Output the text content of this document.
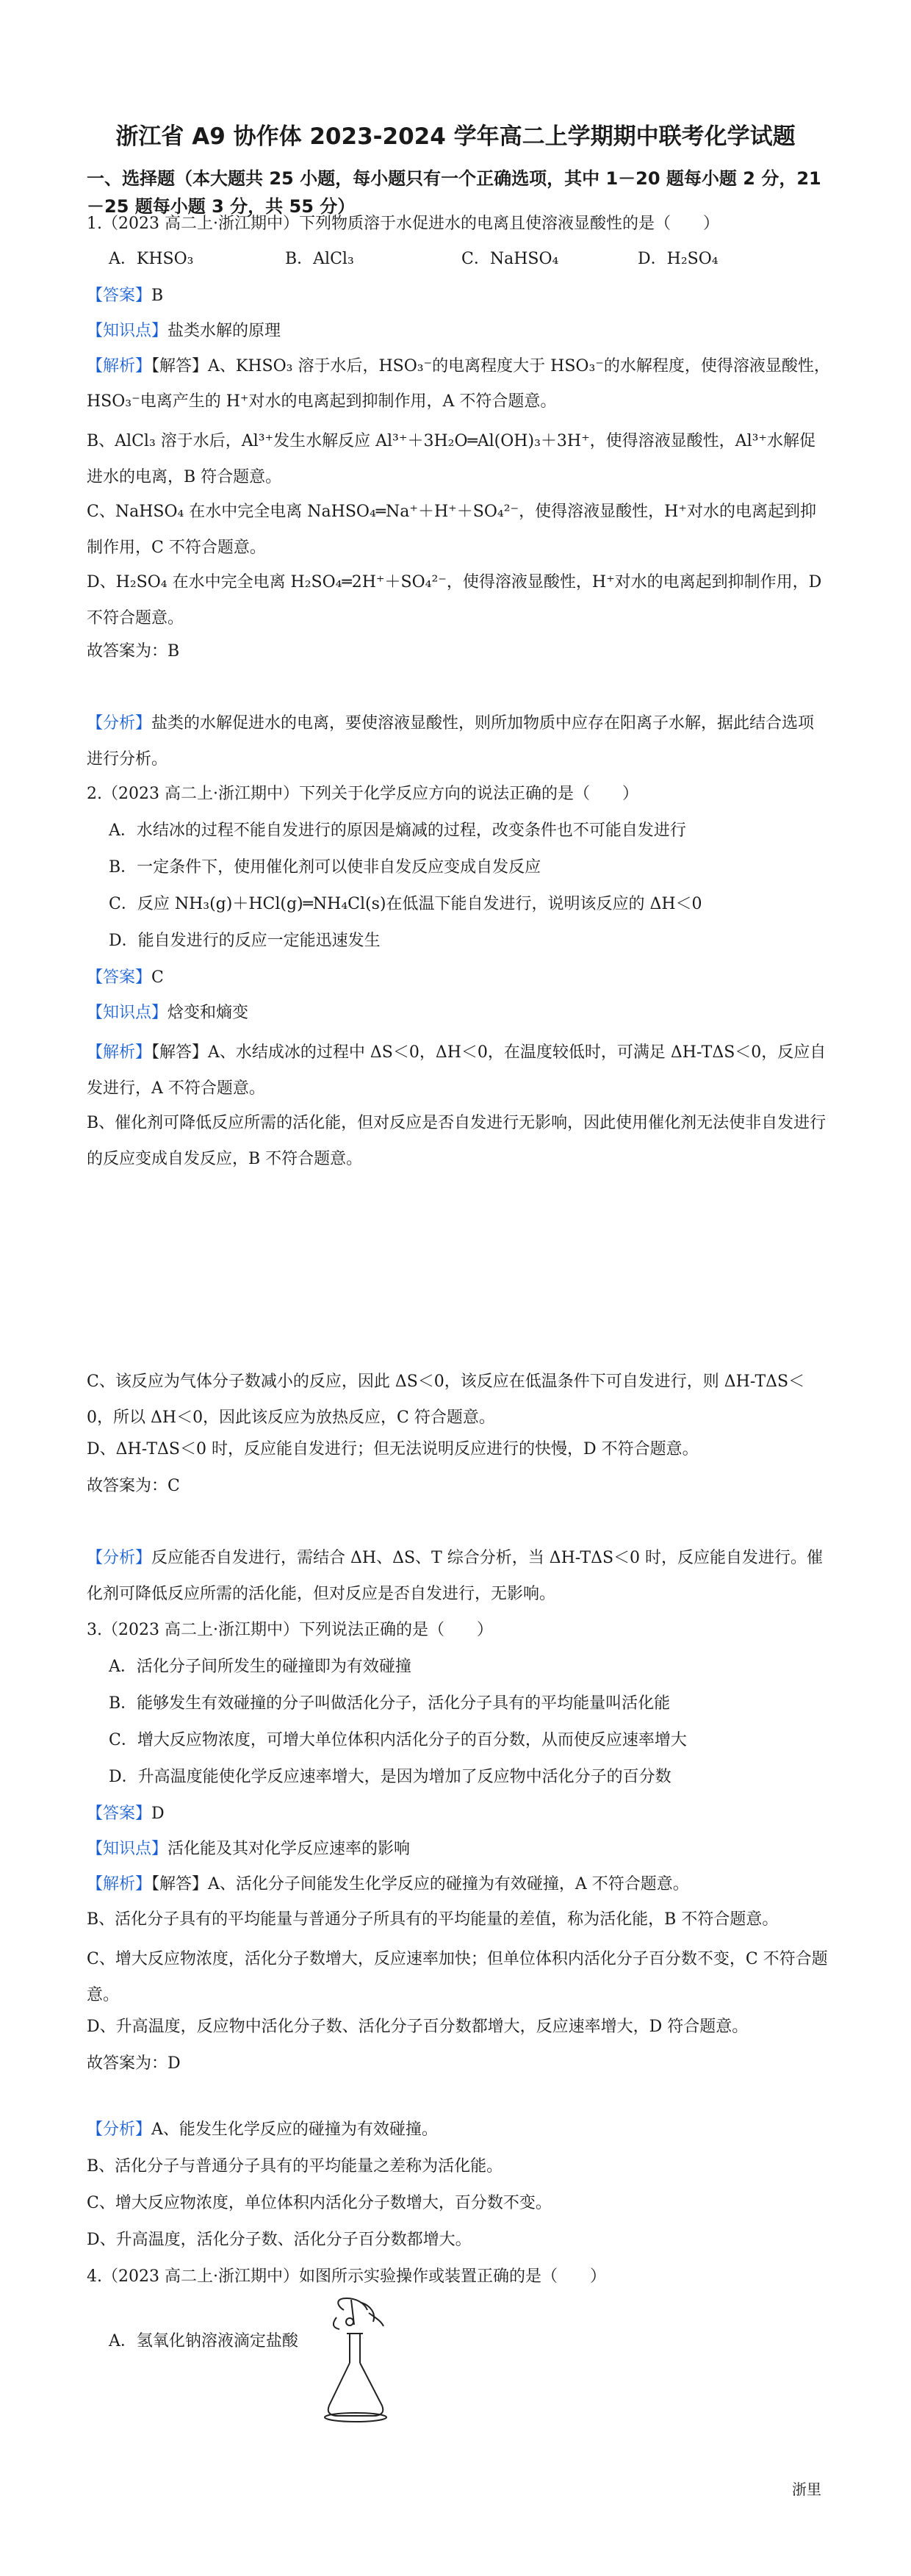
浙江省 A9 协作体 2023-2024 学年高二上学期期中联考化学试题
一、选择题（本大题共 25 小题，每小题只有一个正确选项，其中 1－20 题每小题 2 分，21－25 题每小题 3 分，共 55 分）
1.（2023 高二上·浙江期中）下列物质溶于水促进水的电离且使溶液显酸性的是（　　）
A．KHSO₃	B．AlCl₃	C．NaHSO₄	D．H₂SO₄
【答案】B
【知识点】盐类水解的原理
【解析】【解答】A、KHSO₃ 溶于水后，HSO₃⁻的电离程度大于 HSO₃⁻的水解程度，使得溶液显酸性，
HSO₃⁻电离产生的 H⁺对水的电离起到抑制作用，A 不符合题意。
B、AlCl₃ 溶于水后，Al³⁺发生水解反应 Al³⁺＋3H₂O═Al(OH)₃＋3H⁺，使得溶液显酸性，Al³⁺水解促进水的电离，B 符合题意。
C、NaHSO₄ 在水中完全电离 NaHSO₄═Na⁺＋H⁺＋SO₄²⁻，使得溶液显酸性，H⁺对水的电离起到抑制作用，C 不符合题意。
D、H₂SO₄ 在水中完全电离 H₂SO₄═2H⁺＋SO₄²⁻，使得溶液显酸性，H⁺对水的电离起到抑制作用，D 不符合题意。
故答案为：B
【分析】盐类的水解促进水的电离，要使溶液显酸性，则所加物质中应存在阳离子水解，据此结合选项进行分析。
2.（2023 高二上·浙江期中）下列关于化学反应方向的说法正确的是（　　）
A．水结冰的过程不能自发进行的原因是熵减的过程，改变条件也不可能自发进行
B．一定条件下，使用催化剂可以使非自发反应变成自发反应
C．反应 NH₃(g)＋HCl(g)═NH₄Cl(s)在低温下能自发进行，说明该反应的 ΔH＜0
D．能自发进行的反应一定能迅速发生
【答案】C
【知识点】焓变和熵变
【解析】【解答】A、水结成冰的过程中 ΔS＜0，ΔH＜0，在温度较低时，可满足 ΔH-TΔS＜0，反应自发进行，A 不符合题意。
B、催化剂可降低反应所需的活化能，但对反应是否自发进行无影响，因此使用催化剂无法使非自发进行的反应变成自发反应，B 不符合题意。
C、该反应为气体分子数减小的反应，因此 ΔS＜0，该反应在低温条件下可自发进行，则 ΔH-TΔS＜0，所以 ΔH＜0，因此该反应为放热反应，C 符合题意。
D、ΔH-TΔS＜0 时，反应能自发进行；但无法说明反应进行的快慢，D 不符合题意。
故答案为：C
【分析】反应能否自发进行，需结合 ΔH、ΔS、T 综合分析，当 ΔH-TΔS＜0 时，反应能自发进行。催化剂可降低反应所需的活化能，但对反应是否自发进行，无影响。
3.（2023 高二上·浙江期中）下列说法正确的是（　　）
A．活化分子间所发生的碰撞即为有效碰撞
B．能够发生有效碰撞的分子叫做活化分子，活化分子具有的平均能量叫活化能
C．增大反应物浓度，可增大单位体积内活化分子的百分数，从而使反应速率增大
D．升高温度能使化学反应速率增大，是因为增加了反应物中活化分子的百分数
【答案】D
【知识点】活化能及其对化学反应速率的影响
【解析】【解答】A、活化分子间能发生化学反应的碰撞为有效碰撞，A 不符合题意。
B、活化分子具有的平均能量与普通分子所具有的平均能量的差值，称为活化能，B 不符合题意。
C、增大反应物浓度，活化分子数增大，反应速率加快；但单位体积内活化分子百分数不变，C 不符合题意。
D、升高温度，反应物中活化分子数、活化分子百分数都增大，反应速率增大，D 符合题意。
故答案为：D
【分析】A、能发生化学反应的碰撞为有效碰撞。
B、活化分子与普通分子具有的平均能量之差称为活化能。
C、增大反应物浓度，单位体积内活化分子数增大，百分数不变。
D、升高温度，活化分子数、活化分子百分数都增大。
4.（2023 高二上·浙江期中）如图所示实验操作或装置正确的是（　　）
A．氢氧化钠溶液滴定盐酸
浙里
